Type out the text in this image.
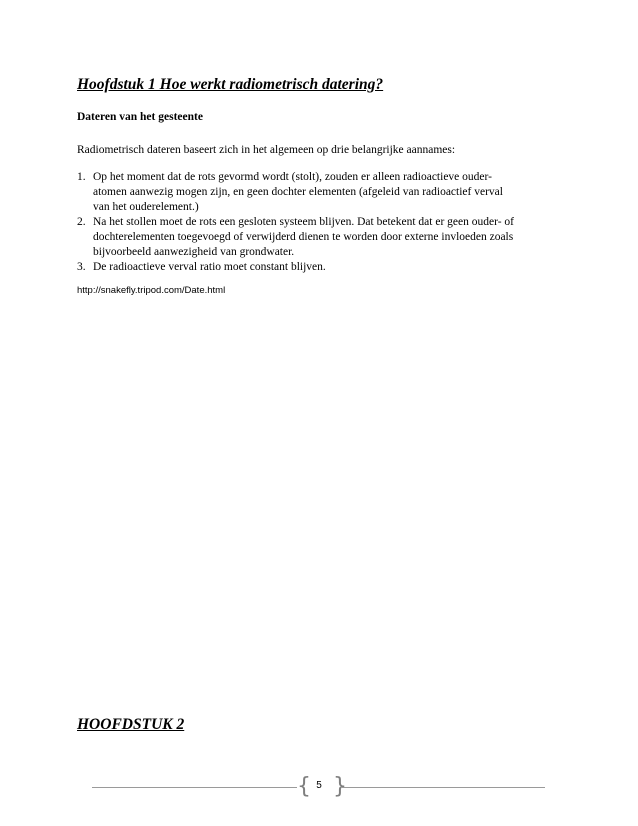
Hoofdstuk 1 Hoe werkt radiometrisch datering?
Dateren van het gesteente
Radiometrisch dateren baseert zich in het algemeen op drie belangrijke aannames:
1. Op het moment dat de rots gevormd wordt (stolt), zouden er alleen radioactieve ouder-
atomen aanwezig mogen zijn, en geen dochter elementen (afgeleid van radioactief verval
van het ouderelement.)
2. Na het stollen moet de rots een gesloten systeem blijven. Dat betekent dat er geen ouder- of
dochterelementen toegevoegd of verwijderd dienen te worden door externe invloeden zoals
bijvoorbeeld aanwezigheid van grondwater.
3. De radioactieve verval ratio moet constant blijven.
http://snakefly.tripod.com/Date.html
HOOFDSTUK 2
{ 5 }
